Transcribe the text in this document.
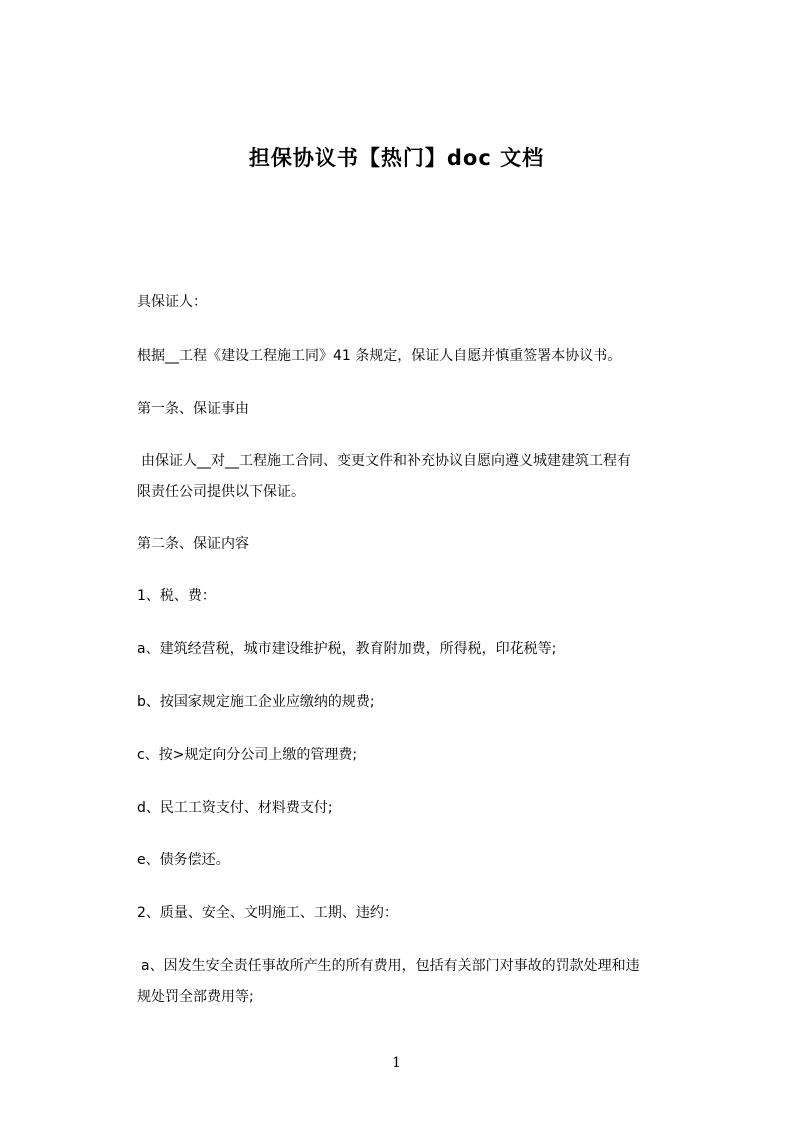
担保协议书【热门】doc 文档
具保证人：
根据__工程《建设工程施工同》41 条规定，保证人自愿并慎重签署本协议书。
第一条、保证事由
由保证人__对__工程施工合同、变更文件和补充协议自愿向遵义城建建筑工程有
限责任公司提供以下保证。
第二条、保证内容
1、税、费：
a、建筑经营税，城市建设维护税，教育附加费，所得税，印花税等;
b、按国家规定施工企业应缴纳的规费;
c、按>规定向分公司上缴的管理费;
d、民工工资支付、材料费支付;
e、债务偿还。
2、质量、安全、文明施工、工期、违约：
a、因发生安全责任事故所产生的所有费用，包括有关部门对事故的罚款处理和违
规处罚全部费用等;
1
